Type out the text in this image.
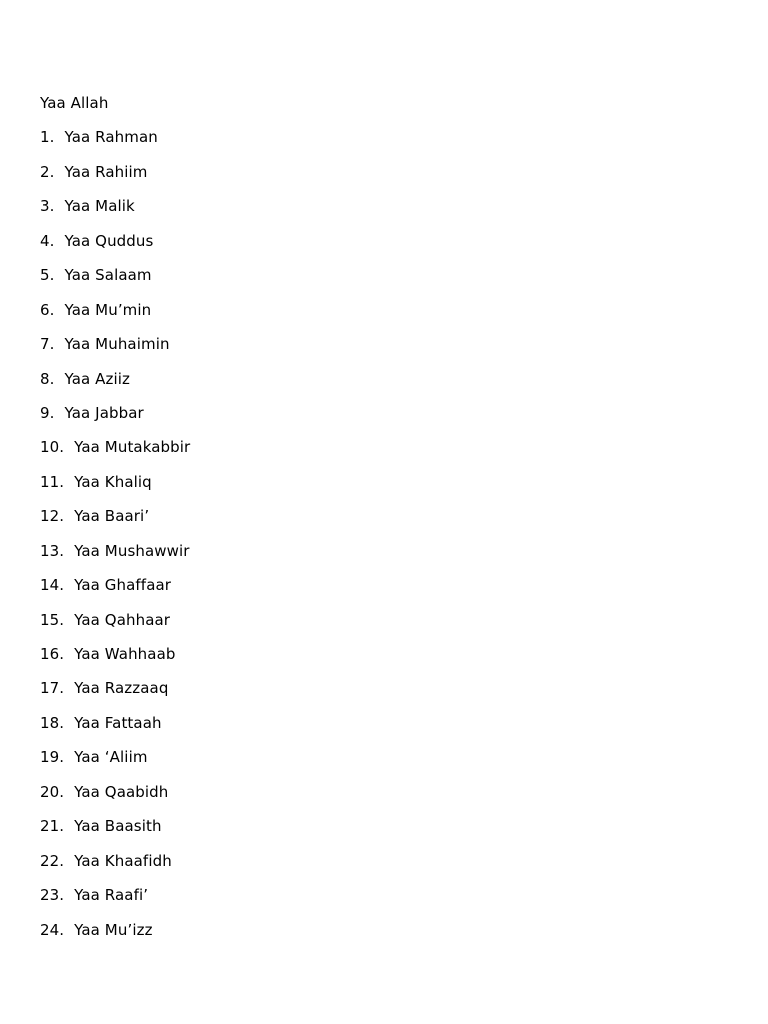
Yaa Allah
1. Yaa Rahman
2. Yaa Rahiim
3. Yaa Malik
4. Yaa Quddus
5. Yaa Salaam
6. Yaa Mu’min
7. Yaa Muhaimin
8. Yaa Aziiz
9. Yaa Jabbar
10. Yaa Mutakabbir
11. Yaa Khaliq
12. Yaa Baari’
13. Yaa Mushawwir
14. Yaa Ghaffaar
15. Yaa Qahhaar
16. Yaa Wahhaab
17. Yaa Razzaaq
18. Yaa Fattaah
19. Yaa ‘Aliim
20. Yaa Qaabidh
21. Yaa Baasith
22. Yaa Khaafidh
23. Yaa Raafi’
24. Yaa Mu’izz
